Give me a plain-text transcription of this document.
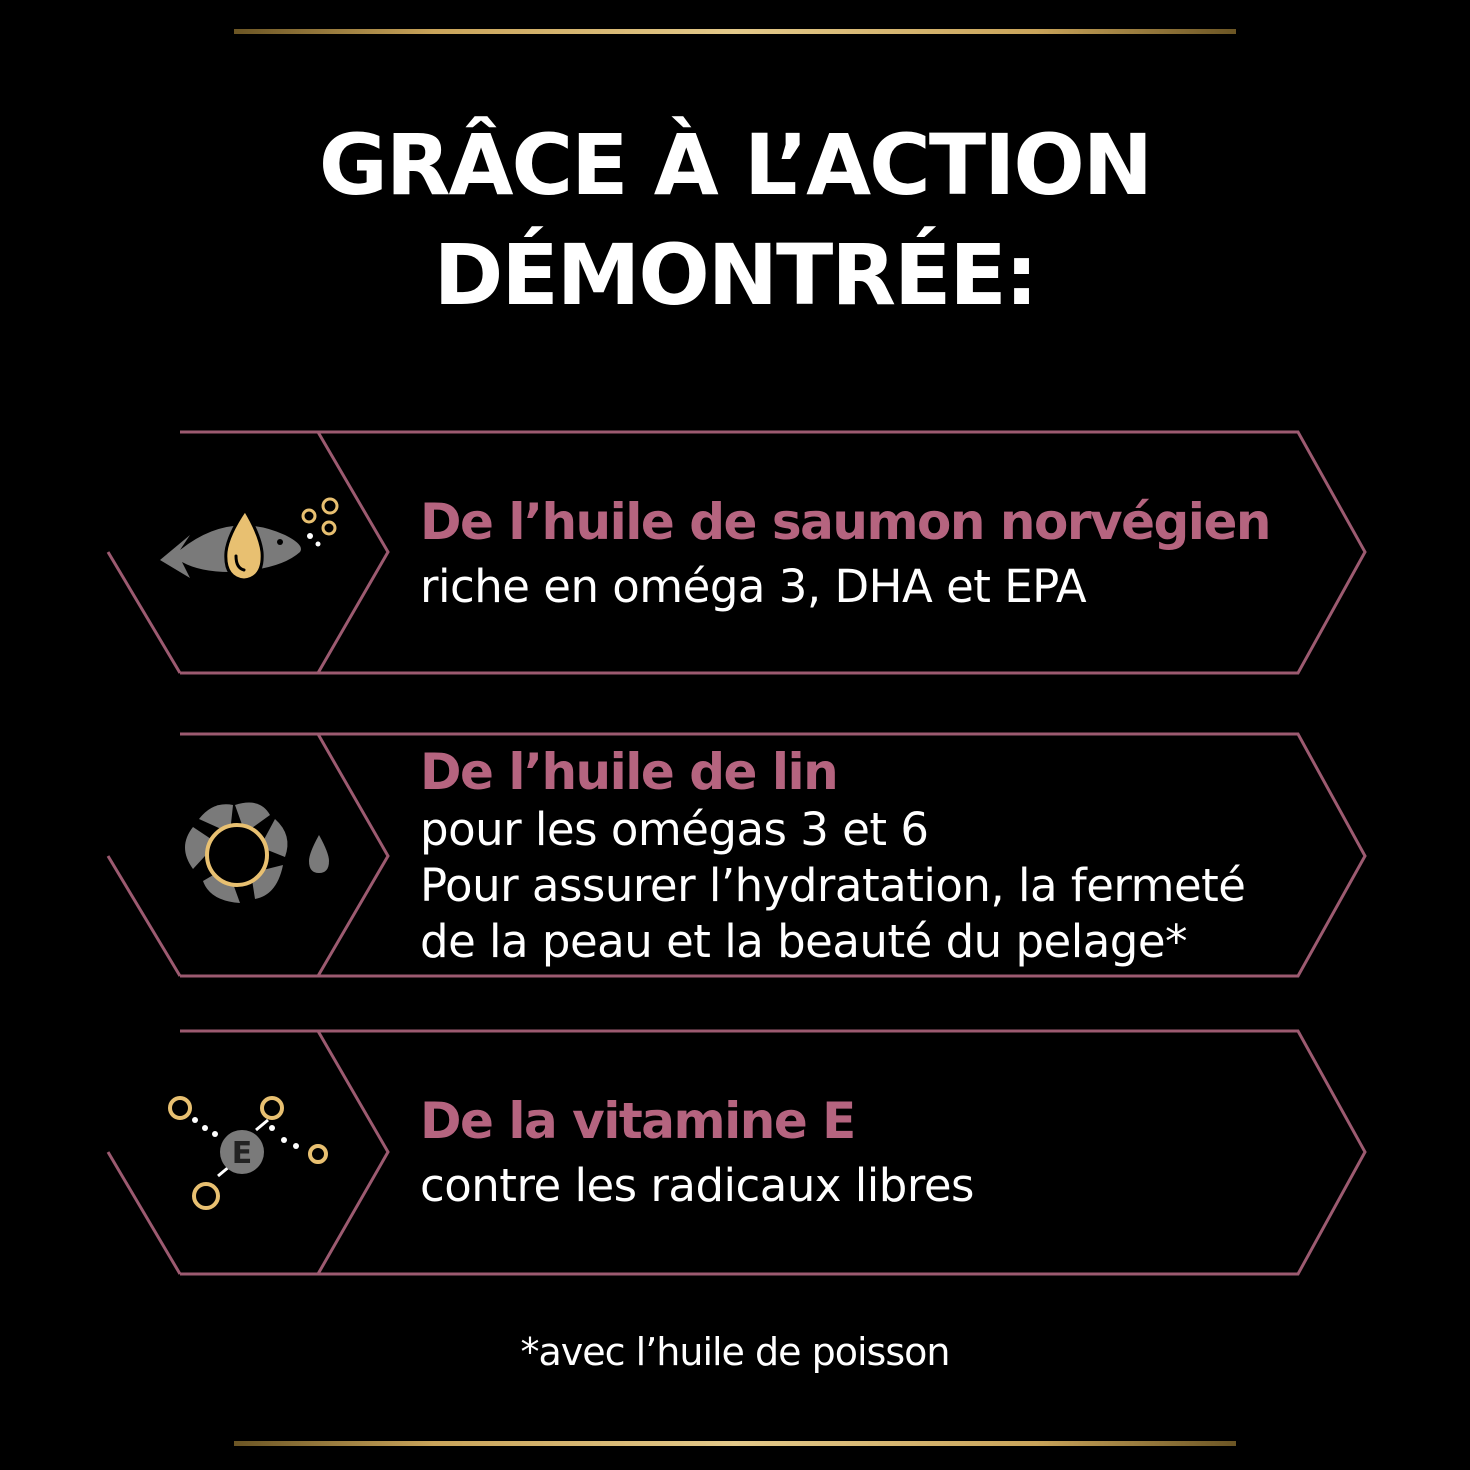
GRÂCE À L’ACTION
DÉMONTRÉE:
E
De l’huile de saumon norvégien
riche en oméga 3, DHA et EPA
De l’huile de lin
pour les omégas 3 et 6
Pour assurer l’hydratation, la fermeté
de la peau et la beauté du pelage*
De la vitamine E
contre les radicaux libres
*avec l’huile de poisson
